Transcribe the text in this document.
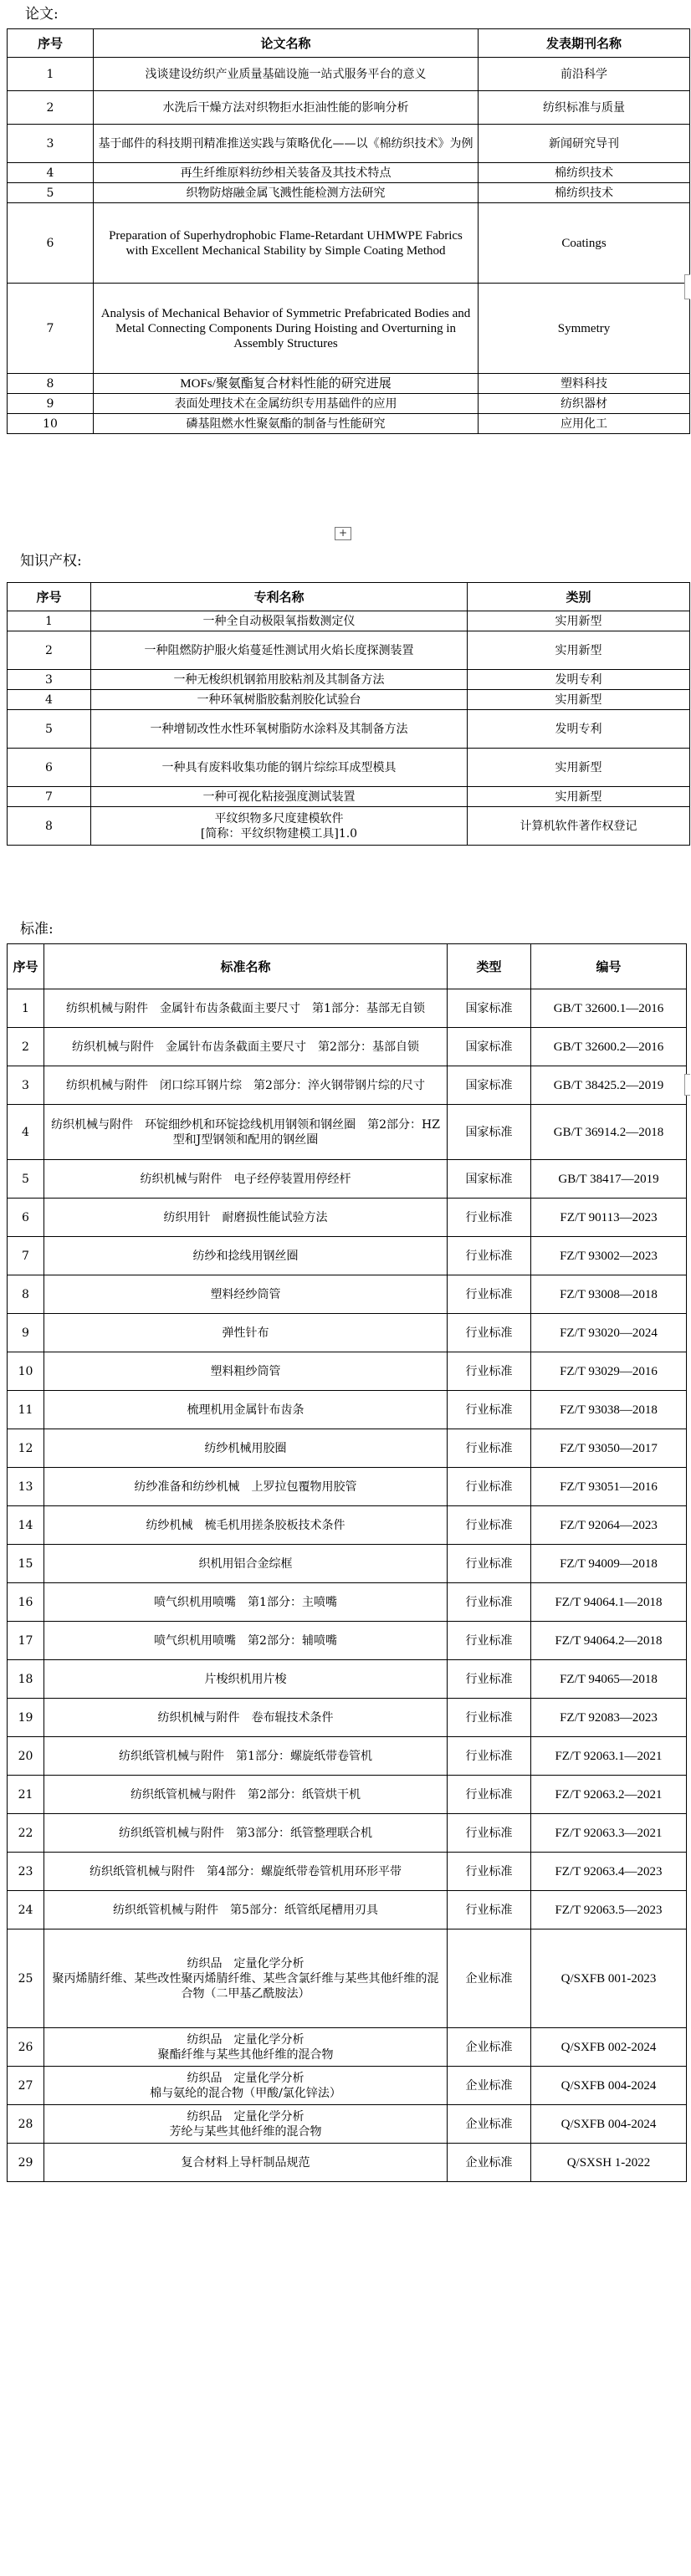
论文:
序号	论文名称	发表期刊名称
1	浅谈建设纺织产业质量基础设施一站式服务平台的意义	前沿科学
2	水洗后干燥方法对织物拒水拒油性能的影响分析	纺织标准与质量
3	基于邮件的科技期刊精准推送实践与策略优化——以《棉纺织技术》为例	新闻研究导刊
4	再生纤维原料纺纱相关装备及其技术特点	棉纺织技术
5	织物防熔融金属飞溅性能检测方法研究	棉纺织技术
6	Preparation of Superhydrophobic Flame-Retardant UHMWPE Fabrics with Excellent Mechanical Stability by Simple Coating Method	Coatings
7	Analysis of Mechanical Behavior of Symmetric Prefabricated Bodies and Metal Connecting Components During Hoisting and Overturning in Assembly Structures	Symmetry
8	MOFs/聚氨酯复合材料性能的研究进展	塑料科技
9	表面处理技术在金属纺织专用基础件的应用	纺织器材
10	磷基阻燃水性聚氨酯的制备与性能研究	应用化工
+
知识产权:
序号	专利名称	类别
1	一种全自动极限氧指数测定仪	实用新型
2	一种阻燃防护服火焰蔓延性测试用火焰长度探测装置	实用新型
3	一种无梭织机钢筘用胶粘剂及其制备方法	发明专利
4	一种环氧树脂胶黏剂胶化试验台	实用新型
5	一种增韧改性水性环氧树脂防水涂料及其制备方法	发明专利
6	一种具有废料收集功能的钢片综综耳成型模具	实用新型
7	一种可视化粘接强度测试装置	实用新型
8	平纹织物多尺度建模软件
[简称：平纹织物建模工具]1.0	计算机软件著作权登记
标准:
序号	标准名称	类型	编号
1	纺织机械与附件　金属针布齿条截面主要尺寸　第1部分：基部无自锁	国家标准	GB/T 32600.1—2016
2	纺织机械与附件　金属针布齿条截面主要尺寸　第2部分：基部自锁	国家标准	GB/T 32600.2—2016
3	纺织机械与附件　闭口综耳钢片综　第2部分：淬火钢带钢片综的尺寸	国家标准	GB/T 38425.2—2019
4	纺织机械与附件　环锭细纱机和环锭捻线机用钢领和钢丝圈　第2部分：HZ型和J型钢领和配用的钢丝圈	国家标准	GB/T 36914.2—2018
5	纺织机械与附件　电子经停装置用停经杆	国家标准	GB/T 38417—2019
6	纺织用针　耐磨损性能试验方法	行业标准	FZ/T 90113—2023
7	纺纱和捻线用钢丝圈	行业标准	FZ/T 93002—2023
8	塑料经纱筒管	行业标准	FZ/T 93008—2018
9	弹性针布	行业标准	FZ/T 93020—2024
10	塑料粗纱筒管	行业标准	FZ/T 93029—2016
11	梳理机用金属针布齿条	行业标准	FZ/T 93038—2018
12	纺纱机械用胶圈	行业标准	FZ/T 93050—2017
13	纺纱准备和纺纱机械　上罗拉包覆物用胶管	行业标准	FZ/T 93051—2016
14	纺纱机械　梳毛机用搓条胶板技术条件	行业标准	FZ/T 92064—2023
15	织机用铝合金综框	行业标准	FZ/T 94009—2018
16	喷气织机用喷嘴　第1部分：主喷嘴	行业标准	FZ/T 94064.1—2018
17	喷气织机用喷嘴　第2部分：辅喷嘴	行业标准	FZ/T 94064.2—2018
18	片梭织机用片梭	行业标准	FZ/T 94065—2018
19	纺织机械与附件　卷布辊技术条件	行业标准	FZ/T 92083—2023
20	纺织纸管机械与附件　第1部分：螺旋纸带卷管机	行业标准	FZ/T 92063.1—2021
21	纺织纸管机械与附件　第2部分：纸管烘干机	行业标准	FZ/T 92063.2—2021
22	纺织纸管机械与附件　第3部分：纸管整理联合机	行业标准	FZ/T 92063.3—2021
23	纺织纸管机械与附件　第4部分：螺旋纸带卷管机用环形平带	行业标准	FZ/T 92063.4—2023
24	纺织纸管机械与附件　第5部分：纸管纸尾槽用刃具	行业标准	FZ/T 92063.5—2023
25	纺织品　定量化学分析
聚丙烯腈纤维、某些改性聚丙烯腈纤维、某些含氯纤维与某些其他纤维的混合物（二甲基乙酰胺法）	企业标准	Q/SXFB 001-2023
26	纺织品　定量化学分析
聚酯纤维与某些其他纤维的混合物	企业标准	Q/SXFB 002-2024
27	纺织品　定量化学分析
棉与氨纶的混合物（甲酸/氯化锌法）	企业标准	Q/SXFB 004-2024
28	纺织品　定量化学分析
芳纶与某些其他纤维的混合物	企业标准	Q/SXFB 004-2024
29	复合材料上导杆制品规范	企业标准	Q/SXSH 1-2022
